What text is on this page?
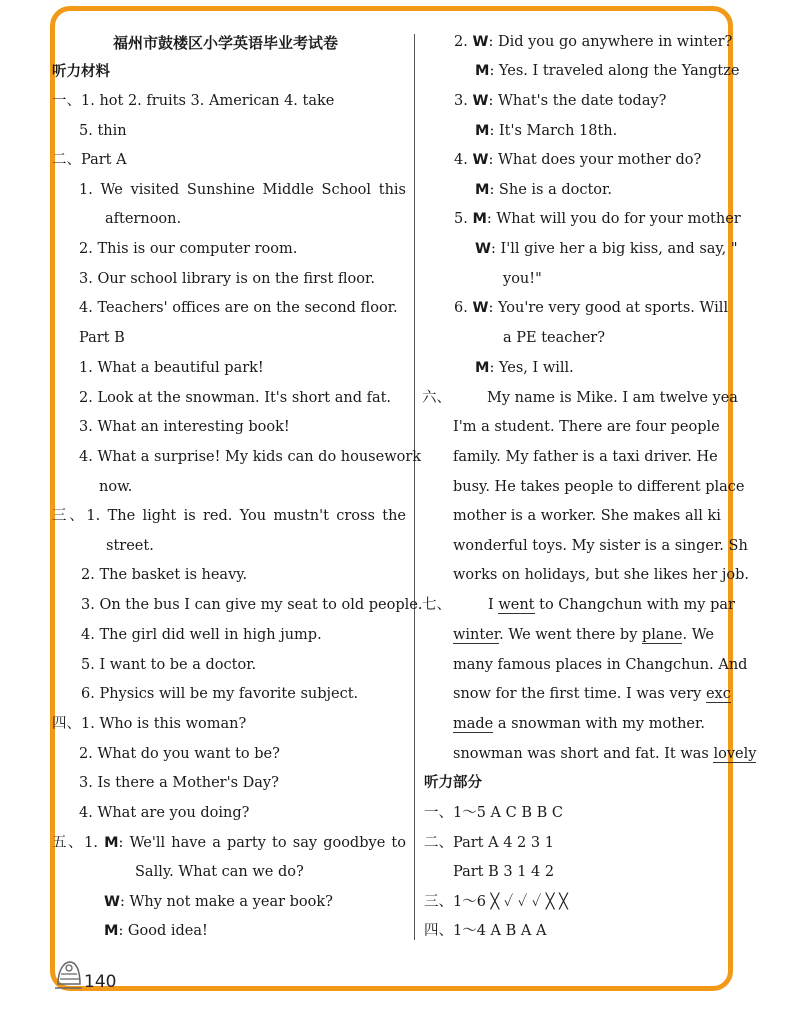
福州市鼓楼区小学英语毕业考试卷
听力材料
一、1. hot 2. fruits 3. American 4. take
5. thin
二、Part A
1. We visited Sunshine Middle School this
afternoon.
2. This is our computer room.
3. Our school library is on the first floor.
4. Teachers' offices are on the second floor.
Part B
1. What a beautiful park!
2. Look at the snowman. It's short and fat.
3. What an interesting book!
4. What a surprise! My kids can do housework
now.
三、1. The light is red. You mustn't cross the
street.
2. The basket is heavy.
3. On the bus I can give my seat to old people.
4. The girl did well in high jump.
5. I want to be a doctor.
6. Physics will be my favorite subject.
四、1. Who is this woman?
2. What do you want to be?
3. Is there a Mother's Day?
4. What are you doing?
五、1. M: We'll have a party to say goodbye to
Sally. What can we do?
W: Why not make a year book?
M: Good idea!
2. W: Did you go anywhere in winter?
M: Yes. I traveled along the Yangtze
3. W: What's the date today?
M: It's March 18th.
4. W: What does your mother do?
M: She is a doctor.
5. M: What will you do for your mother
W: I'll give her a big kiss, and say, "
you!"
6. W: You're very good at sports. Will
a PE teacher?
M: Yes, I will.
六、 My name is Mike. I am twelve yea
I'm a student. There are four people
family. My father is a taxi driver. He
busy. He takes people to different place
mother is a worker. She makes all ki
wonderful toys. My sister is a singer. Sh
works on holidays, but she likes her job.
七、	I went to Changchun with my par
winter. We went there by plane. We
many famous places in Changchun. And
snow for the first time. I was very exc
made a snowman with my mother.
snowman was short and fat. It was lovely
听力部分
一、1～5 A C B B C
二、Part A 4 2 3 1
Part B 3 1 4 2
三、1～6 ╳ ✓ ✓ ✓ ╳ ╳
四、1～4 A B A A
140
